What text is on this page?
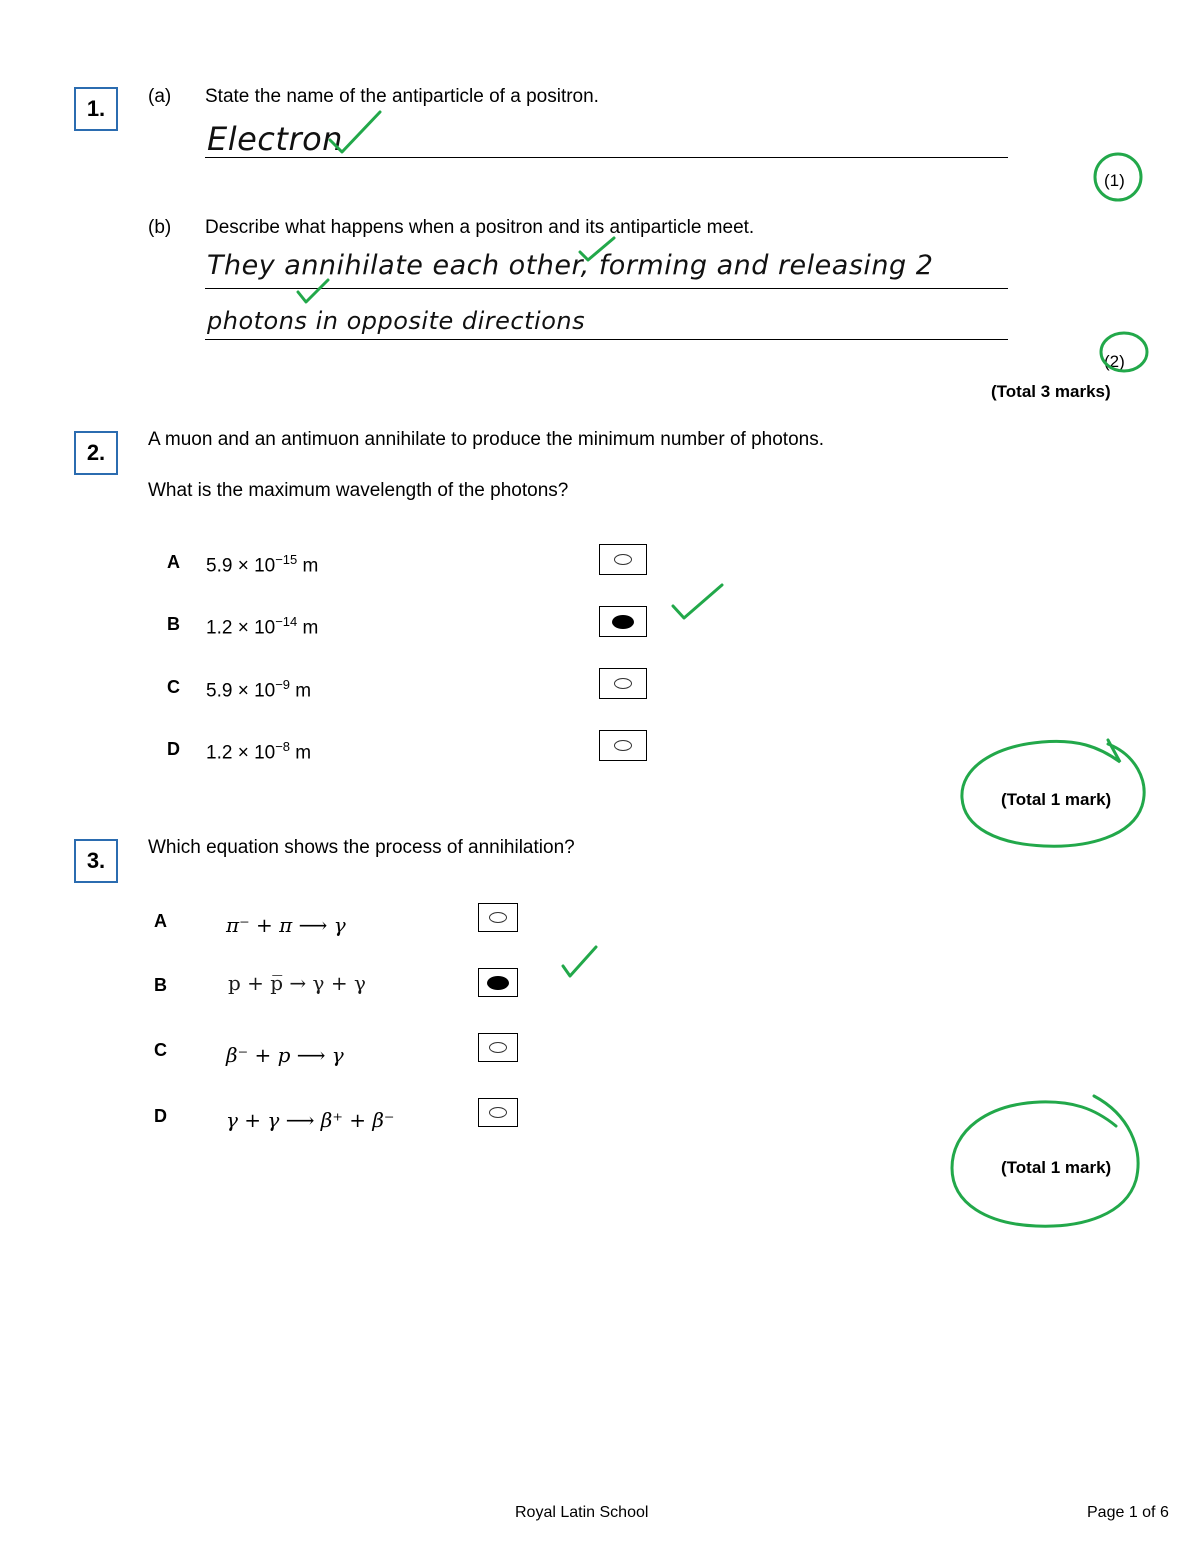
1.	(a) State the name of the antiparticle of a positron.
Electron
(1)
(b) Describe what happens when a positron and its antiparticle meet.
They annihilate each other, forming and releasing 2
photons in opposite directions
(2)
(Total 3 marks)
2.
A muon and an antimuon annihilate to produce the minimum number of photons.
What is the maximum wavelength of the photons?
A $5.9 \times 10^{-15}$ m
B $1.2 \times 10^{-14}$ m
C $5.9 \times 10^{-9}$ m
D $1.2 \times 10^{-8}$ m
(Total 1 mark)
3.
Which equation shows the process of annihilation?
A	π⁻ + π ⟶ γ
B	p + p̅ → γ + γ
C	β⁻ + p ⟶ γ
D	γ + γ ⟶ β⁺ + β⁻
(Total 1 mark)
Royal Latin School	Page 1 of 6
